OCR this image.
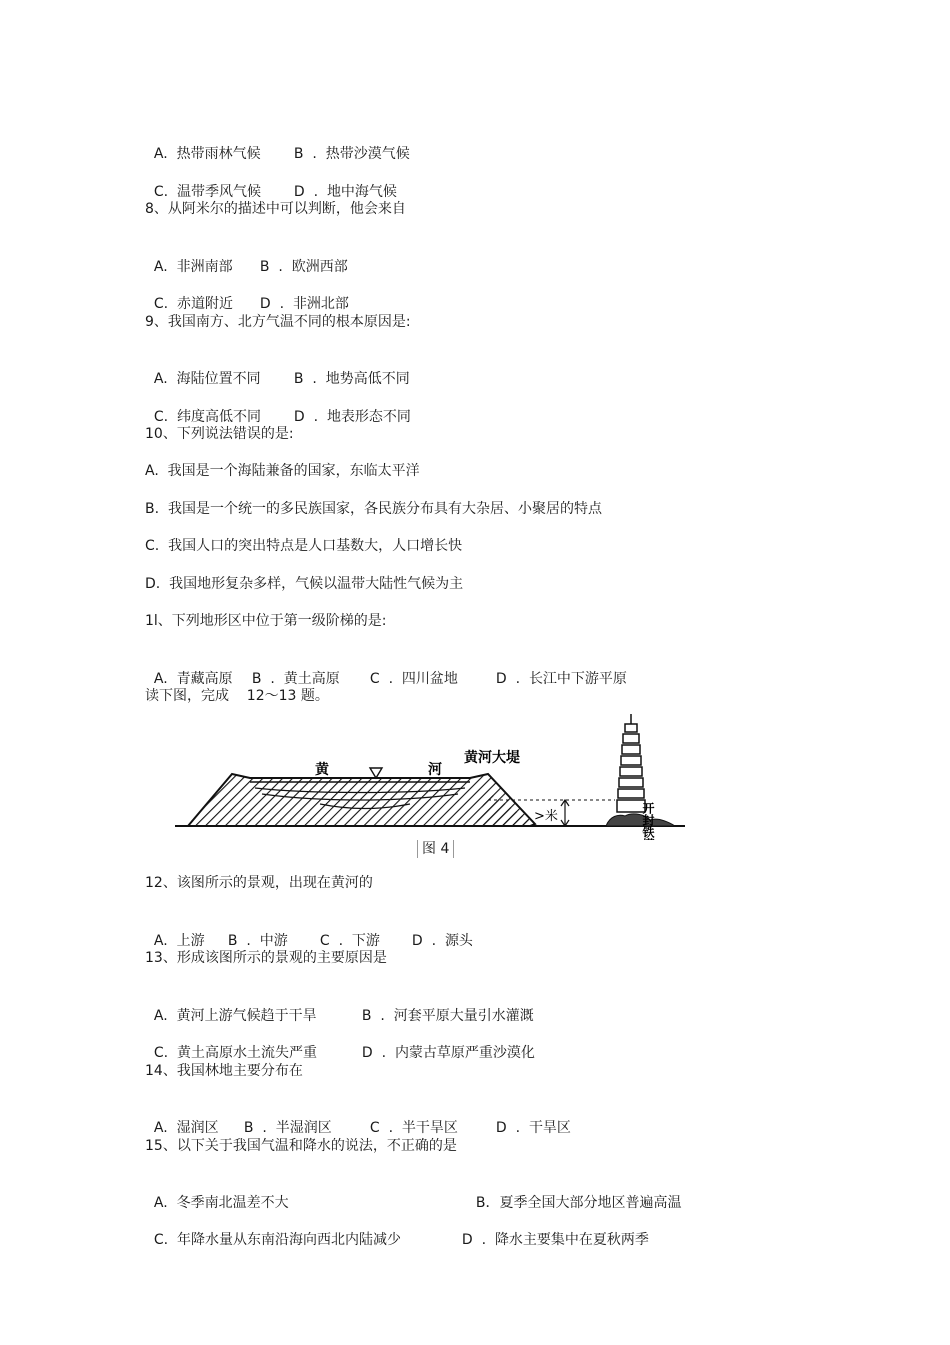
A.  热带雨林气候 B  .  热带沙漠气候

C.  温带季风气候 D  .  地中海气候

8、从阿米尔的描述中可以判断，他会来自

A.  非洲南部 B  .  欧洲西部

C.  赤道附近 D  .  非洲北部

9、我国南方、北方气温不同的根本原因是:

A.  海陆位置不同 B  .  地势高低不同

C.  纬度高低不同 D  .  地表形态不同

10、下列说法错误的是:
A.  我国是一个海陆兼备的国家，东临太平洋
B.  我国是一个统一的多民族国家，各民族分布具有大杂居、小聚居的特点
C.  我国人口的突出特点是人口基数大，人口增长快
D.  我国地形复杂多样，气候以温带大陆性气候为主
1l、下列地形区中位于第一级阶梯的是:

A.  青藏高原 B  .  黄土高原 C  .  四川盆地	D  .  长江中下游平原

读下图，完成    12～13 题。
黄	河
黄河大堤
>米	开封铁塔
图 4
12、该图所示的景观，出现在黄河的

A.  上游 B  .  中游 C  .  下游 D  .  源头

13、形成该图所示的景观的主要原因是

A.  黄河上游气候趋于干旱	B  .  河套平原大量引水灌溉

C.  黄土高原水土流失严重	D  .  内蒙古草原严重沙漠化

14、我国林地主要分布在

A.  湿润区 B  .  半湿润区	C  .  半干旱区	D  .  干旱区

15、以下关于我国气温和降水的说法，不正确的是

A.  冬季南北温差不大	B．夏季全国大部分地区普遍高温

C.  年降水量从东南沿海向西北内陆减少	D  .  降水主要集中在夏秋两季
